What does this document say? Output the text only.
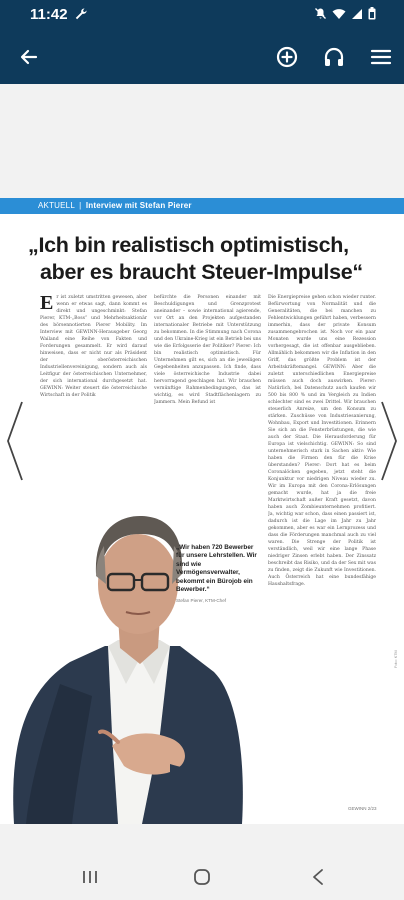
11:42
AKTUELL | Interview mit Stefan Pierer
„Ich bin realistisch optimistisch,
aber es braucht Steuer-Impulse“
E r ist zuletzt umstritten gewesen, aber wenn er etwas sagt, dann kommt es direkt und ungeschminkt: Stefan Pierer, KTM-„Boss“ und Mehrheitsaktionär des börsennotierten Pierer Mobility. Im Interview mit GEWINN-Herausgeber Georg Wailand eine Reihe von Fakten und Forderungen gesammelt. Er wird darauf hinweisen, dass er nicht nur als Präsident der oberösterreichischen Industriellenvereinigung, sondern auch als Leitfigur der österreichischen Unternehmer, der sich international durchgesetzt hat. GEWINN: Weiter steuert die österreichische Wirtschaft in der Politik
befürchte die Personen einander mit Beschuldigungen und Grenzprotest aneinander – sowie international agierende, vor Ort an den Projekten aufgestanden internationaler Betriebe mit Unterstützung zu bekommen. In die Stimmung nach Corona und den Ukraine-Krieg ist ein Betrieb bei uns wie die Erfolgsserie der Politiker? Pierer: Ich bin realistisch optimistisch. Für Unternehmen gilt es, sich an die jeweiligen Gegebenheiten anzupassen. Ich finde, dass viele österreichische Industrie dabei hervorragend geschlagen hat. Wir brauchen vernünftige Rahmenbedingungen, das ist wichtig, es wird Stadtflächenlagern zu Jammern. Mein Befund ist
Die Energiepreise gehen schon wieder runter. Befürwortung von Normalität und die Generalitäten, die bei manchen zu Fehlentwicklungen geführt haben, verbessern immerhin, dass der private Konsum zusammengebrochen ist. Noch vor ein paar Monaten wurde uns eine Rezession vorhergesagt, die ist offenbar ausgeblieben. Allmählich bekommen wir die Inflation in den Griff, das größte Problem ist der Arbeitskräftemangel. GEWINN: Aber die zuletzt unterschiedlichen Energiepreise müssen auch doch auswirken. Pierer: Natürlich, bei Datenschutz auch kaufen wir 500 bis 800 % und im Vergleich zu Indien schlechter sind es zwei Drittel. Wir brauchen steuerlich Anreize, um den Konsum zu stärken. Zuschüsse von Industriesanierung, Wohnbau, Export und Investitionen. Erinnern Sie sich an die Fensterbrüstungen, die wie auch der Staat. Die Herausforderung für Europa ist vielschichtig. GEWINN: So sind unternehmerisch stark in Sachen aktiv: Wie haben die Firmen den für die Krise überstanden? Pierer: Dort hat es beim Coronalöcken gegeben, jetzt steht die Konjunktur vor niedrigen Niveau wieder zu. Wir im Europa mit den Corona-Erlösungen gemacht wurde, hat ja die freie Marktwirtschaft außer Kraft gesetzt, davon haben auch Zombieunternehmen profitiert. Ja, wichtig war schon, dass einen passiert ist, dadurch ist die Lage im Jahr zu Jahr gekommen, aber es war ein Lernprozess und dass die Förderungen manchmal auch zu viel waren. Die Strenge der Politik ist verständlich, weil wir eine lange Phase niedriger Zinsen erlebt haben. Der Zinssatz beschreibt das Risiko, und da der Sex mit was zu finden, zeigt die Zukunft wie Investitionen. Auch Österreich hat eine bundesfähige Haushaltsfrage.
„Wir haben 720 Bewerber für unsere Lehrstellen. Wir sind wie Vermögensverwalter, bekommt ein Bürojob ein Bewerber.“
Stefan Pierer, KTM-Chef
GEWINN 2/23
Foto: KTM
